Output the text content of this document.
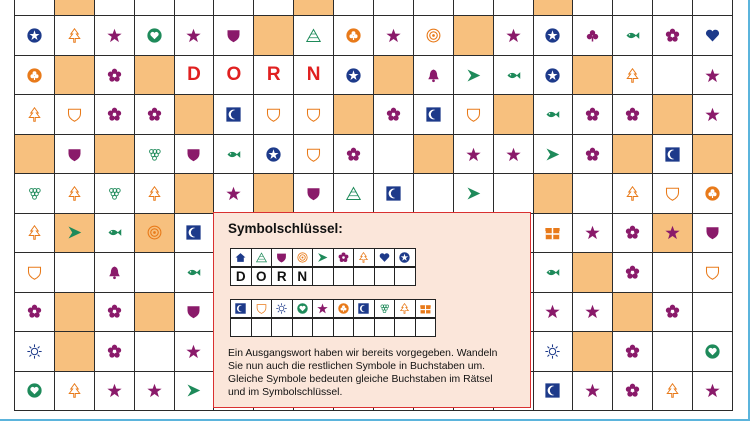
D O R N
Symbolschlüssel:
D O R N
Ein Ausgangswort haben wir bereits vorgegeben. Wandeln
Sie nun auch die restlichen Symbole in Buchstaben um.
Gleiche Symbole bedeuten gleiche Buchstaben im Rätsel
und im Symbolschlüssel.
